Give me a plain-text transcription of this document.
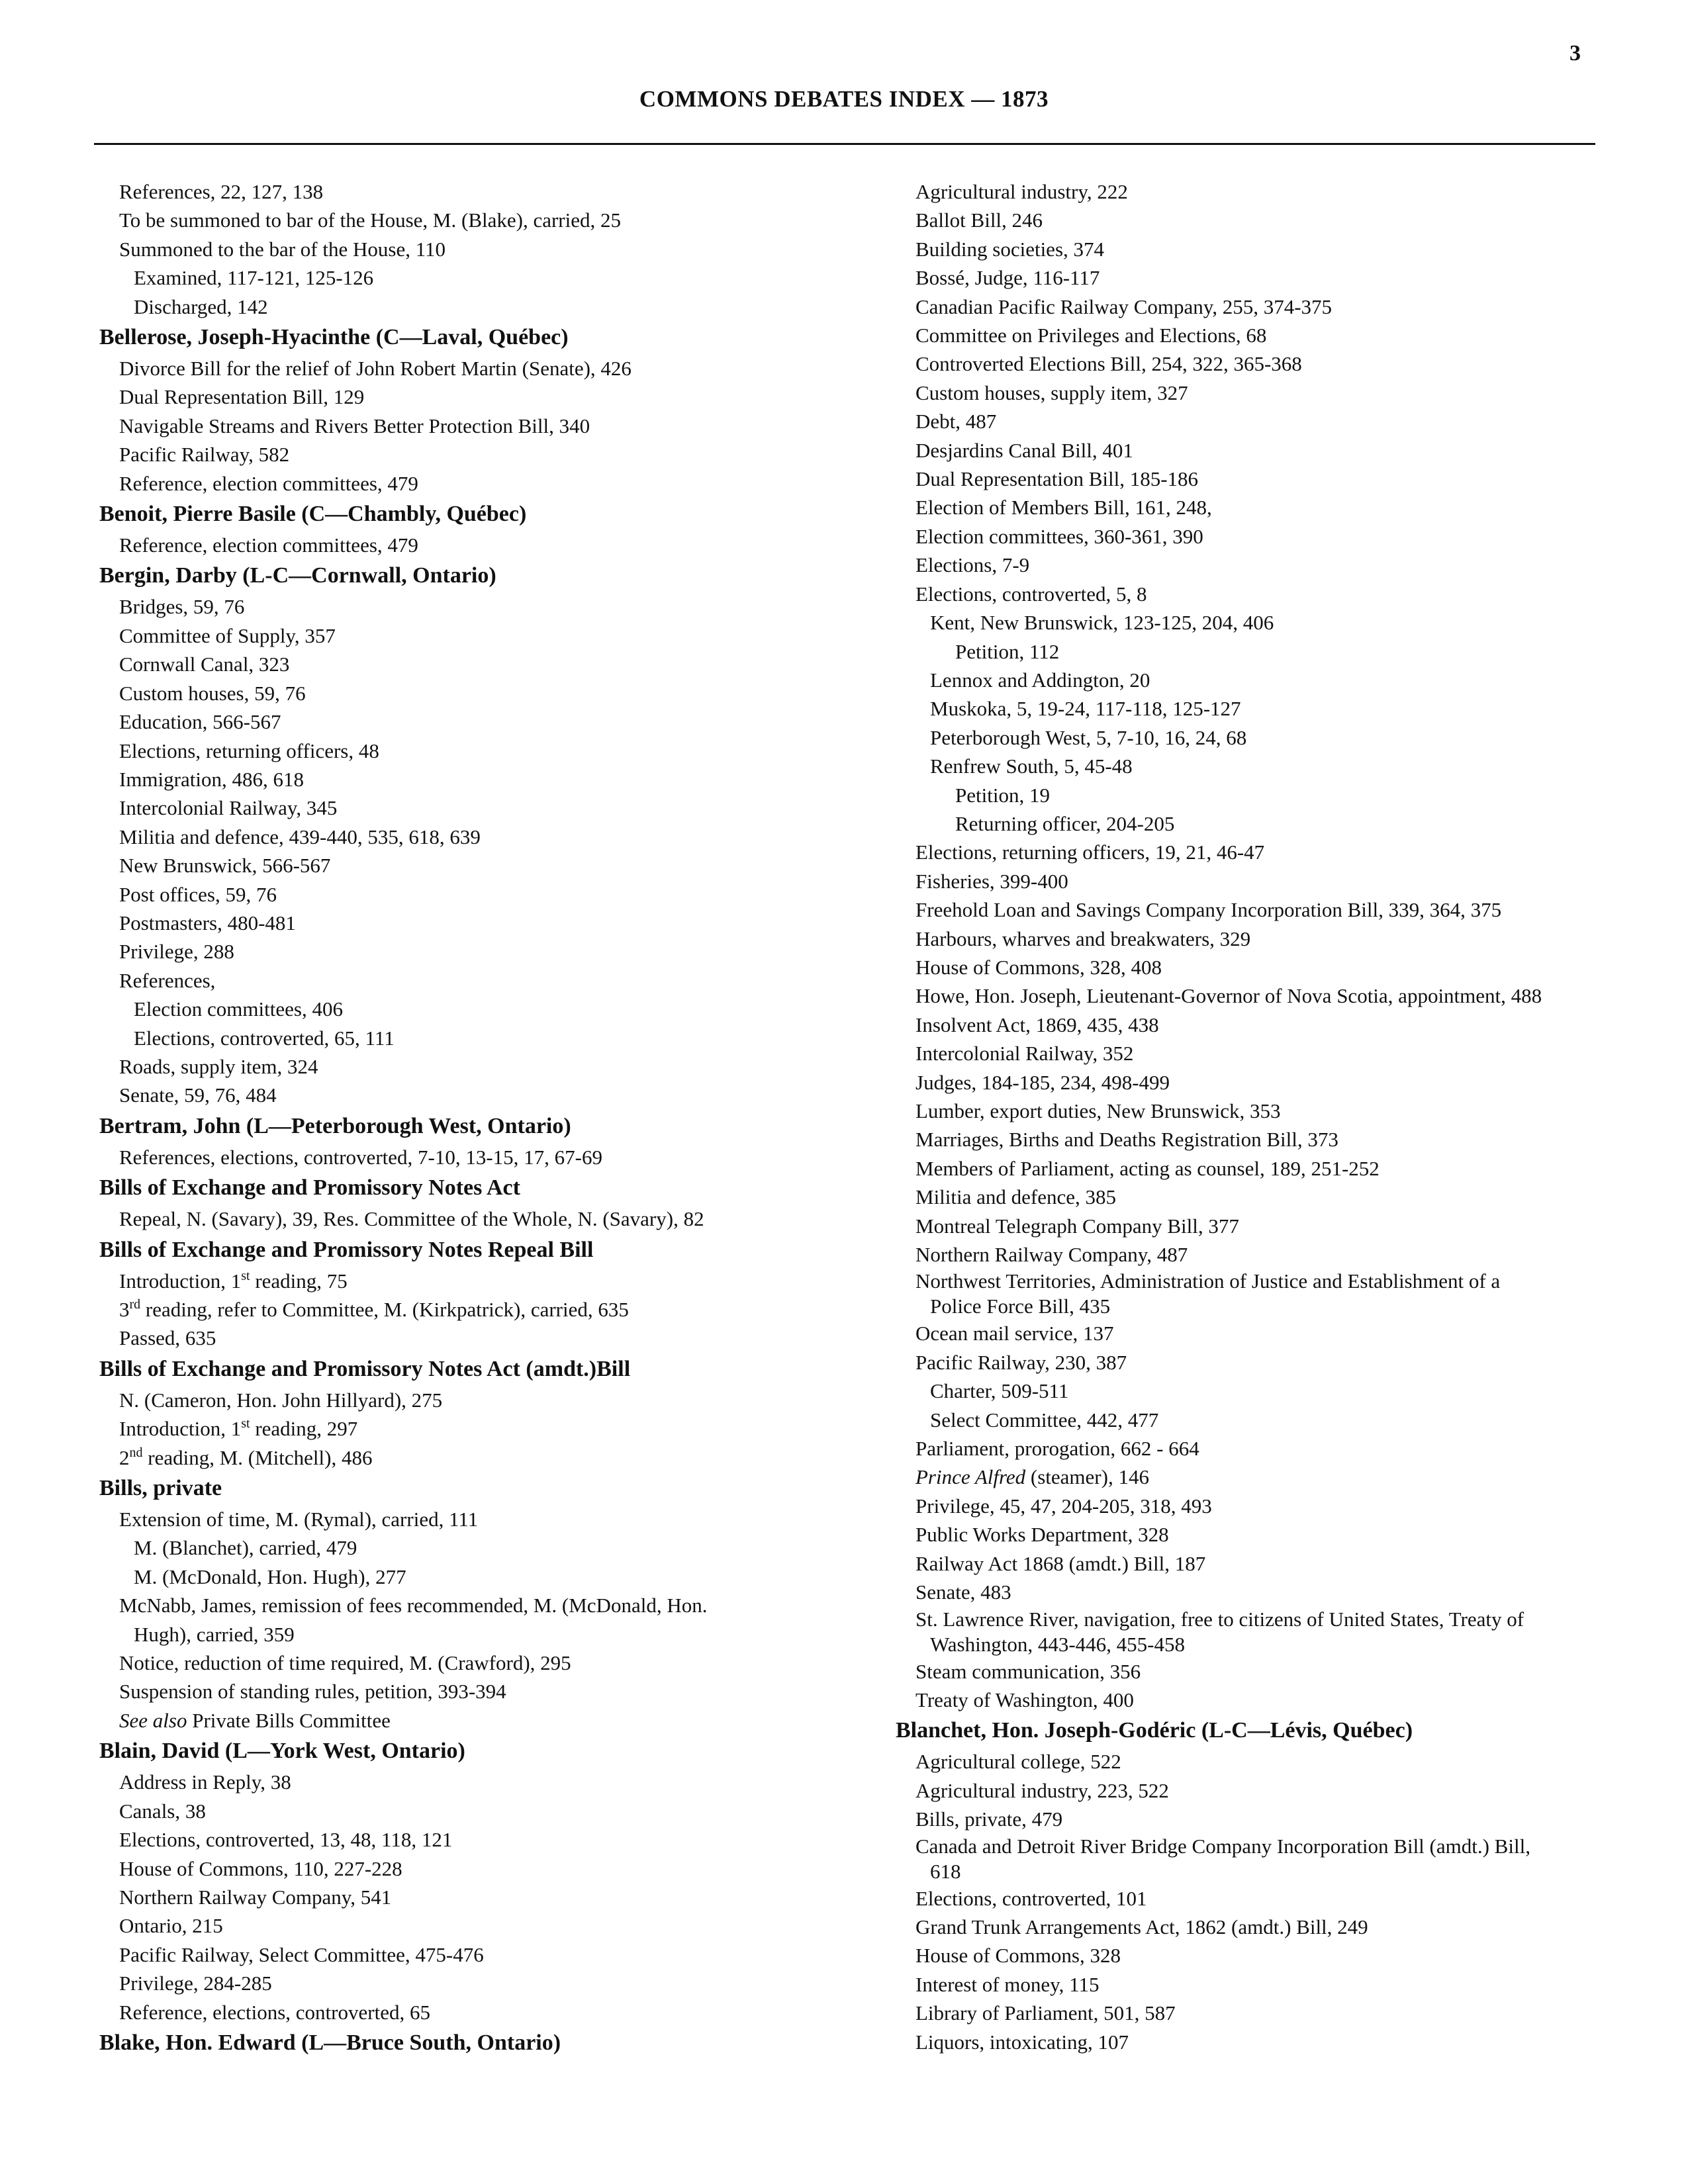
3
COMMONS DEBATES INDEX — 1873
References, 22, 127, 138
To be summoned to bar of the House, M. (Blake), carried, 25
Summoned to the bar of the House, 110
Examined, 117-121, 125-126
Discharged, 142
Bellerose, Joseph-Hyacinthe (C—Laval, Québec)
Divorce Bill for the relief of John Robert Martin (Senate), 426
Dual Representation Bill, 129
Navigable Streams and Rivers Better Protection Bill, 340
Pacific Railway, 582
Reference, election committees, 479
Benoit, Pierre Basile (C—Chambly, Québec)
Reference, election committees, 479
Bergin, Darby (L-C—Cornwall, Ontario)
Bridges, 59, 76
Committee of Supply, 357
Cornwall Canal, 323
Custom houses, 59, 76
Education, 566-567
Elections, returning officers, 48
Immigration, 486, 618
Intercolonial Railway, 345
Militia and defence, 439-440, 535, 618, 639
New Brunswick, 566-567
Post offices, 59, 76
Postmasters, 480-481
Privilege, 288
References,
Election committees, 406
Elections, controverted, 65, 111
Roads, supply item, 324
Senate, 59, 76, 484
Bertram, John (L—Peterborough West, Ontario)
References, elections, controverted, 7-10, 13-15, 17, 67-69
Bills of Exchange and Promissory Notes Act
Repeal, N. (Savary), 39, Res. Committee of the Whole, N. (Savary), 82
Bills of Exchange and Promissory Notes Repeal Bill
Introduction, 1st reading, 75
3rd reading, refer to Committee, M. (Kirkpatrick), carried, 635
Passed, 635
Bills of Exchange and Promissory Notes Act (amdt.)Bill
N. (Cameron, Hon. John Hillyard), 275
Introduction, 1st reading, 297
2nd reading, M. (Mitchell), 486
Bills, private
Extension of time, M. (Rymal), carried, 111
M. (Blanchet), carried, 479
M. (McDonald, Hon. Hugh), 277
McNabb, James, remission of fees recommended, M. (McDonald, Hon.
Hugh), carried, 359
Notice, reduction of time required, M. (Crawford), 295
Suspension of standing rules, petition, 393-394
See also Private Bills Committee
Blain, David (L—York West, Ontario)
Address in Reply, 38
Canals, 38
Elections, controverted, 13, 48, 118, 121
House of Commons, 110, 227-228
Northern Railway Company, 541
Ontario, 215
Pacific Railway, Select Committee, 475-476
Privilege, 284-285
Reference, elections, controverted, 65
Blake, Hon. Edward (L—Bruce South, Ontario)
Agricultural industry, 222
Ballot Bill, 246
Building societies, 374
Bossé, Judge, 116-117
Canadian Pacific Railway Company, 255, 374-375
Committee on Privileges and Elections, 68
Controverted Elections Bill, 254, 322, 365-368
Custom houses, supply item, 327
Debt, 487
Desjardins Canal Bill, 401
Dual Representation Bill, 185-186
Election of Members Bill, 161, 248,
Election committees, 360-361, 390
Elections, 7-9
Elections, controverted, 5, 8
Kent, New Brunswick, 123-125, 204, 406
Petition, 112
Lennox and Addington, 20
Muskoka, 5, 19-24, 117-118, 125-127
Peterborough West, 5, 7-10, 16, 24, 68
Renfrew South, 5, 45-48
Petition, 19
Returning officer, 204-205
Elections, returning officers, 19, 21, 46-47
Fisheries, 399-400
Freehold Loan and Savings Company Incorporation Bill, 339, 364, 375
Harbours, wharves and breakwaters, 329
House of Commons, 328, 408
Howe, Hon. Joseph, Lieutenant-Governor of Nova Scotia, appointment, 488
Insolvent Act, 1869, 435, 438
Intercolonial Railway, 352
Judges, 184-185, 234, 498-499
Lumber, export duties, New Brunswick, 353
Marriages, Births and Deaths Registration Bill, 373
Members of Parliament, acting as counsel, 189, 251-252
Militia and defence, 385
Montreal Telegraph Company Bill, 377
Northern Railway Company, 487
Northwest Territories, Administration of Justice and Establishment of a
Police Force Bill, 435
Ocean mail service, 137
Pacific Railway, 230, 387
Charter, 509-511
Select Committee, 442, 477
Parliament, prorogation, 662 - 664
Prince Alfred (steamer), 146
Privilege, 45, 47, 204-205, 318, 493
Public Works Department, 328
Railway Act 1868 (amdt.) Bill, 187
Senate, 483
St. Lawrence River, navigation, free to citizens of United States, Treaty of
Washington, 443-446, 455-458
Steam communication, 356
Treaty of Washington, 400
Blanchet, Hon. Joseph-Godéric (L-C—Lévis, Québec)
Agricultural college, 522
Agricultural industry, 223, 522
Bills, private, 479
Canada and Detroit River Bridge Company Incorporation Bill (amdt.) Bill,
618
Elections, controverted, 101
Grand Trunk Arrangements Act, 1862 (amdt.) Bill, 249
House of Commons, 328
Interest of money, 115
Library of Parliament, 501, 587
Liquors, intoxicating, 107
